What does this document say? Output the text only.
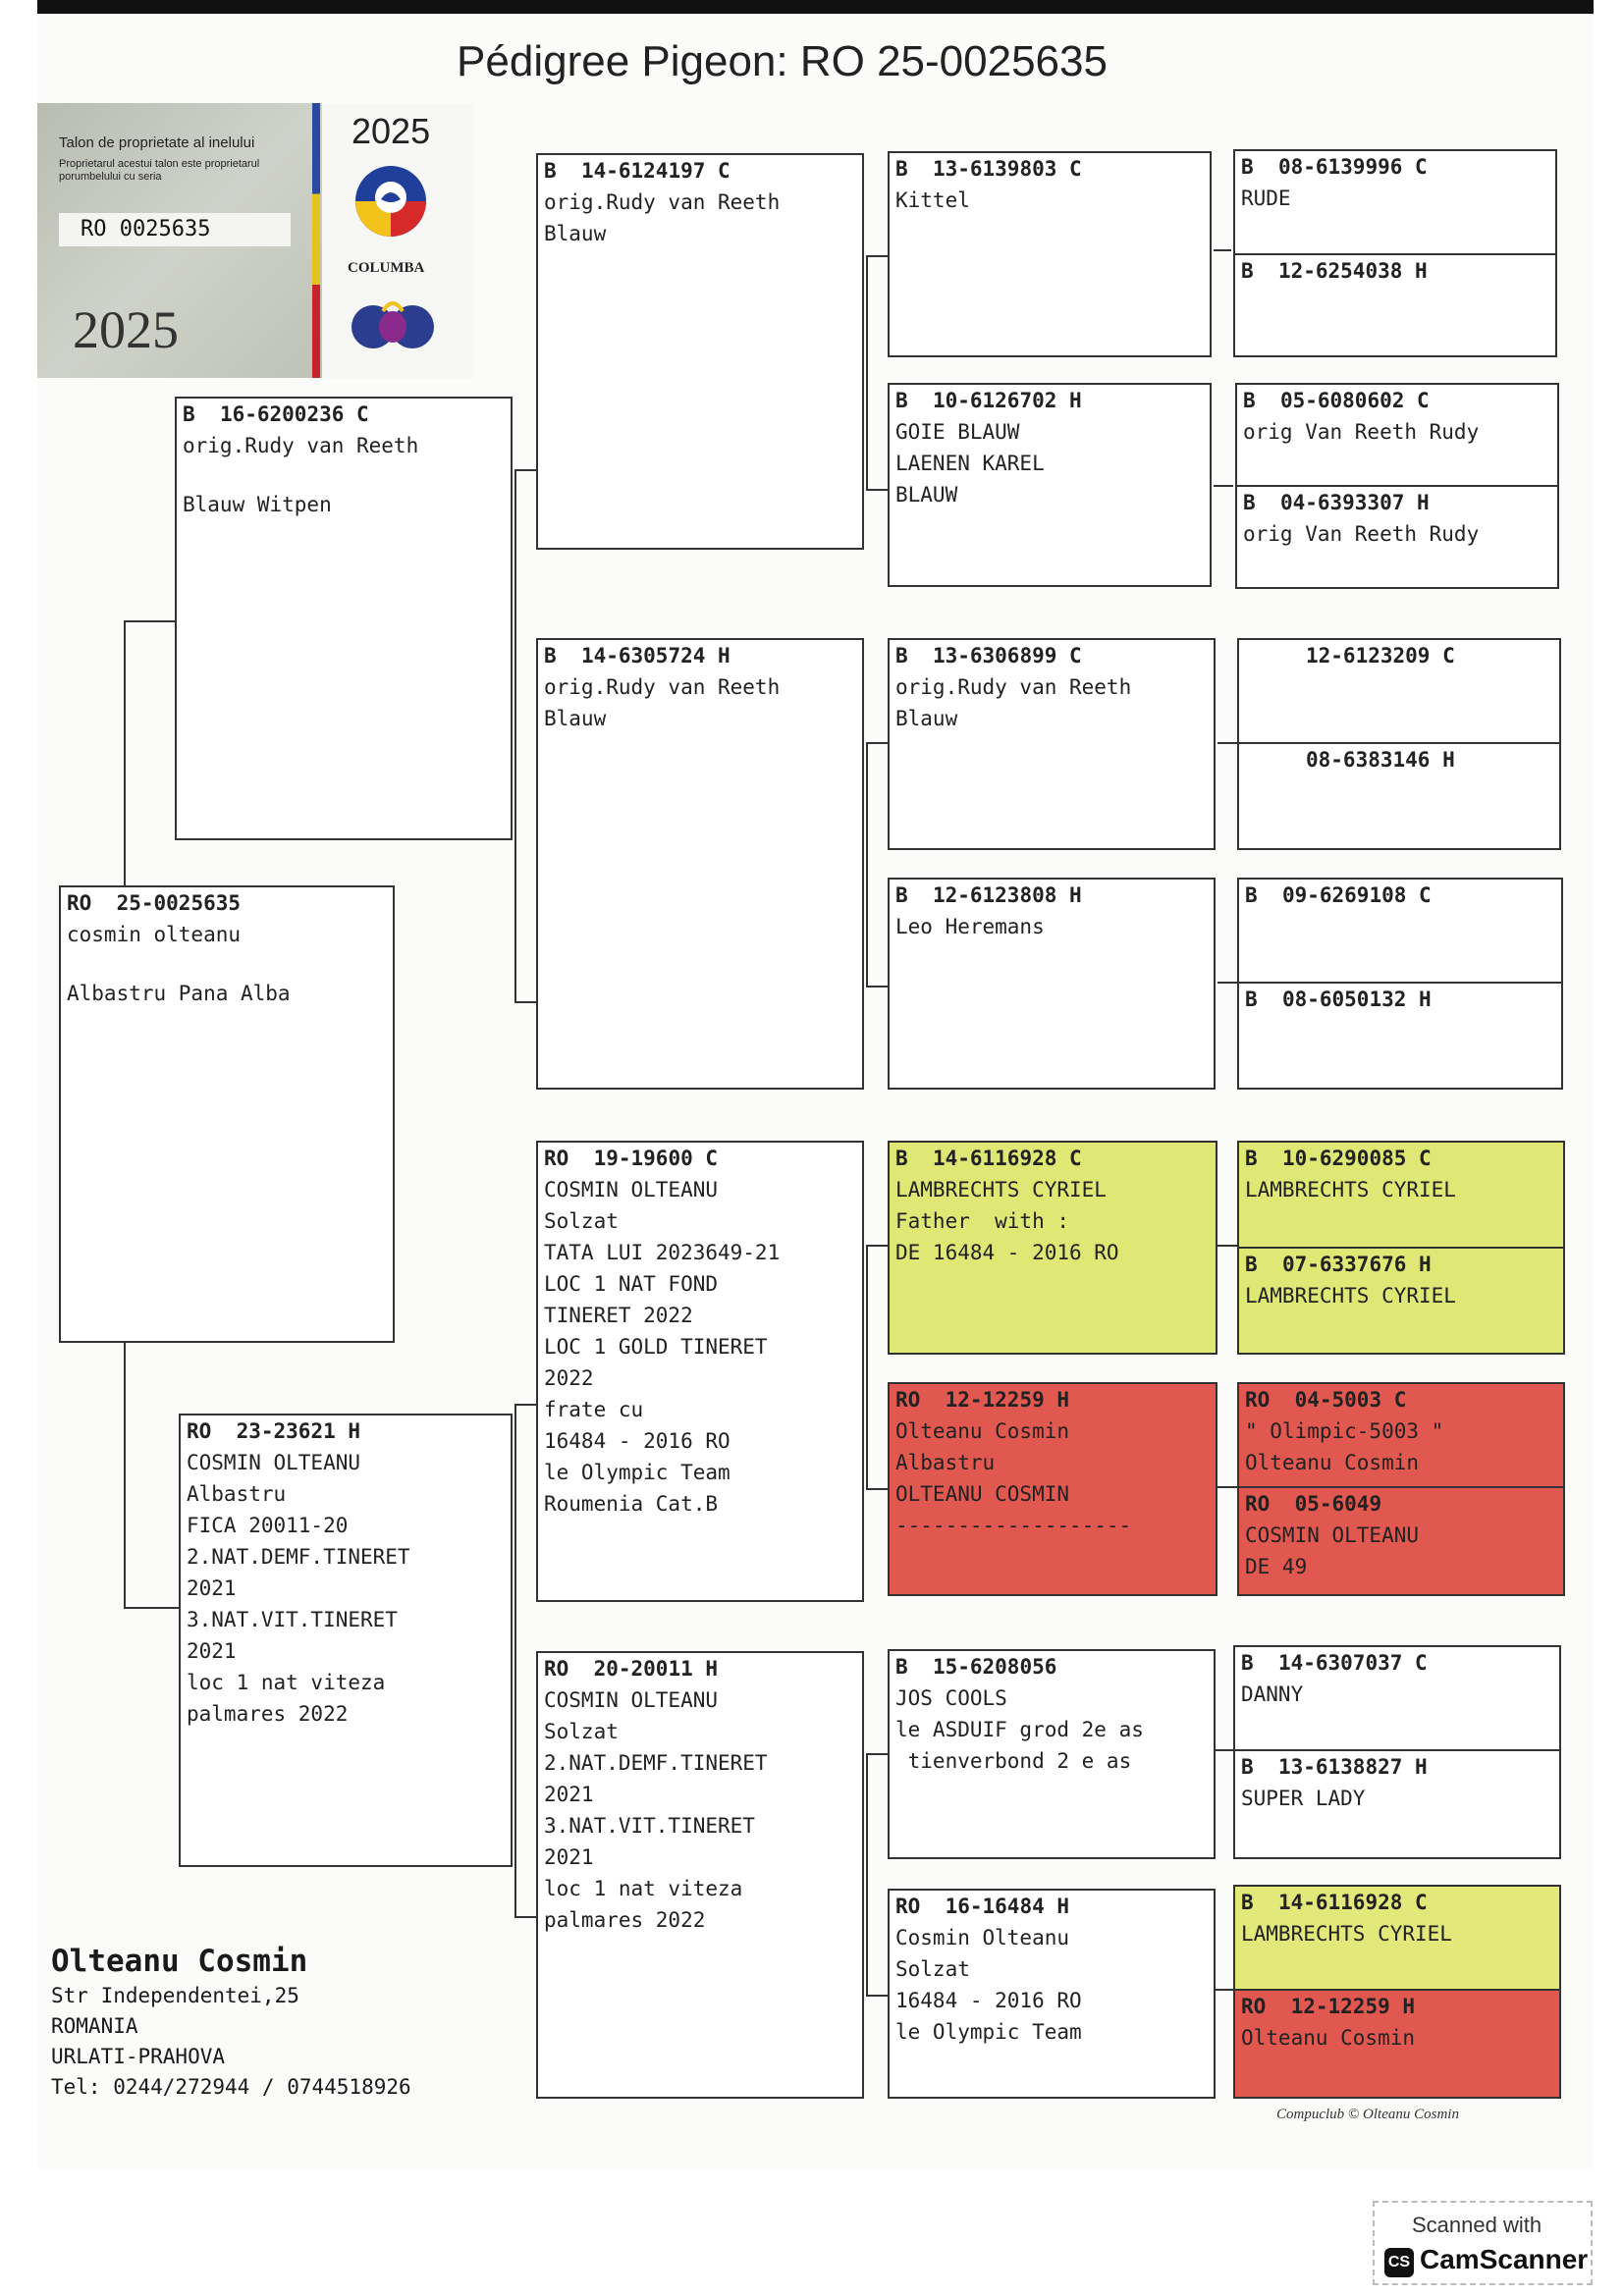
Pédigree Pigeon: RO 25-0025635
Talon de proprietate al inelului
Proprietarul acestui talon este proprietarul porumbelului cu seria
RO 0025635
2025
2025
COLUMBA
RO 25-0025635
cosmin olteanu
Albastru Pana Alba
B 16-6200236 C
orig.Rudy van Reeth
Blauw Witpen
RO 23-23621 H
COSMIN OLTEANU
Albastru
FICA 20011-20
2.NAT.DEMF.TINERET
2021
3.NAT.VIT.TINERET
2021
loc 1 nat viteza
palmares 2022
B 14-6124197 C
orig.Rudy van Reeth
Blauw
B 14-6305724 H
orig.Rudy van Reeth
Blauw
RO 19-19600 C
COSMIN OLTEANU
Solzat
TATA LUI 2023649-21
LOC 1 NAT FOND
TINERET 2022
LOC 1 GOLD TINERET
2022
frate cu
16484 - 2016 RO
le Olympic Team
Roumenia Cat.B
RO 20-20011 H
COSMIN OLTEANU
Solzat
2.NAT.DEMF.TINERET
2021
3.NAT.VIT.TINERET
2021
loc 1 nat viteza
palmares 2022
B 13-6139803 C
Kittel
B 10-6126702 H
GOIE BLAUW
LAENEN KAREL
BLAUW
B 13-6306899 C
orig.Rudy van Reeth
Blauw
B 12-6123808 H
Leo Heremans
B 14-6116928 C
LAMBRECHTS CYRIEL
Father  with :
DE 16484 - 2016 RO
RO 12-12259 H
Olteanu Cosmin
Albastru
OLTEANU COSMIN
-------------------
B 15-6208056
JOS COOLS
le ASDUIF grod 2e as
tienverbond 2 e as
RO 16-16484 H
Cosmin Olteanu
Solzat
16484 - 2016 RO
le Olympic Team
B 08-6139996 C
RUDE
B 12-6254038 H
B 05-6080602 C
orig Van Reeth Rudy
B 04-6393307 H
orig Van Reeth Rudy
12-6123209 C
08-6383146 H
B 09-6269108 C
B 08-6050132 H
B 10-6290085 C
LAMBRECHTS CYRIEL
B 07-6337676 H
LAMBRECHTS CYRIEL
RO 04-5003 C
" Olimpic-5003 "
Olteanu Cosmin
RO 05-6049
COSMIN OLTEANU
DE 49
B 14-6307037 C
DANNY
B 13-6138827 H
SUPER LADY
B 14-6116928 C
LAMBRECHTS CYRIEL
RO 12-12259 H
Olteanu Cosmin
Olteanu Cosmin
Str Independentei,25
ROMANIA
URLATI-PRAHOVA
Tel: 0244/272944 / 0744518926
Compuclub © Olteanu Cosmin
Scanned with
CS CamScanner
